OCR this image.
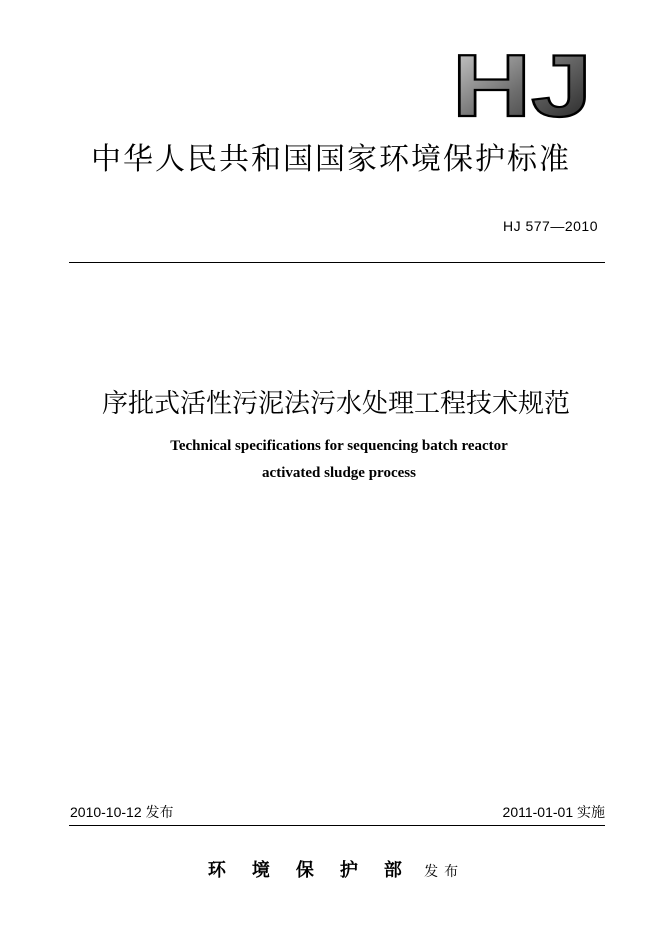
HJ
中华人民共和国国家环境保护标准
HJ 577—2010
序批式活性污泥法污水处理工程技术规范
Technical specifications for sequencing batch reactor
activated sludge process
2010-10-12 发布	2011-01-01 实施
环境保护部 发布
